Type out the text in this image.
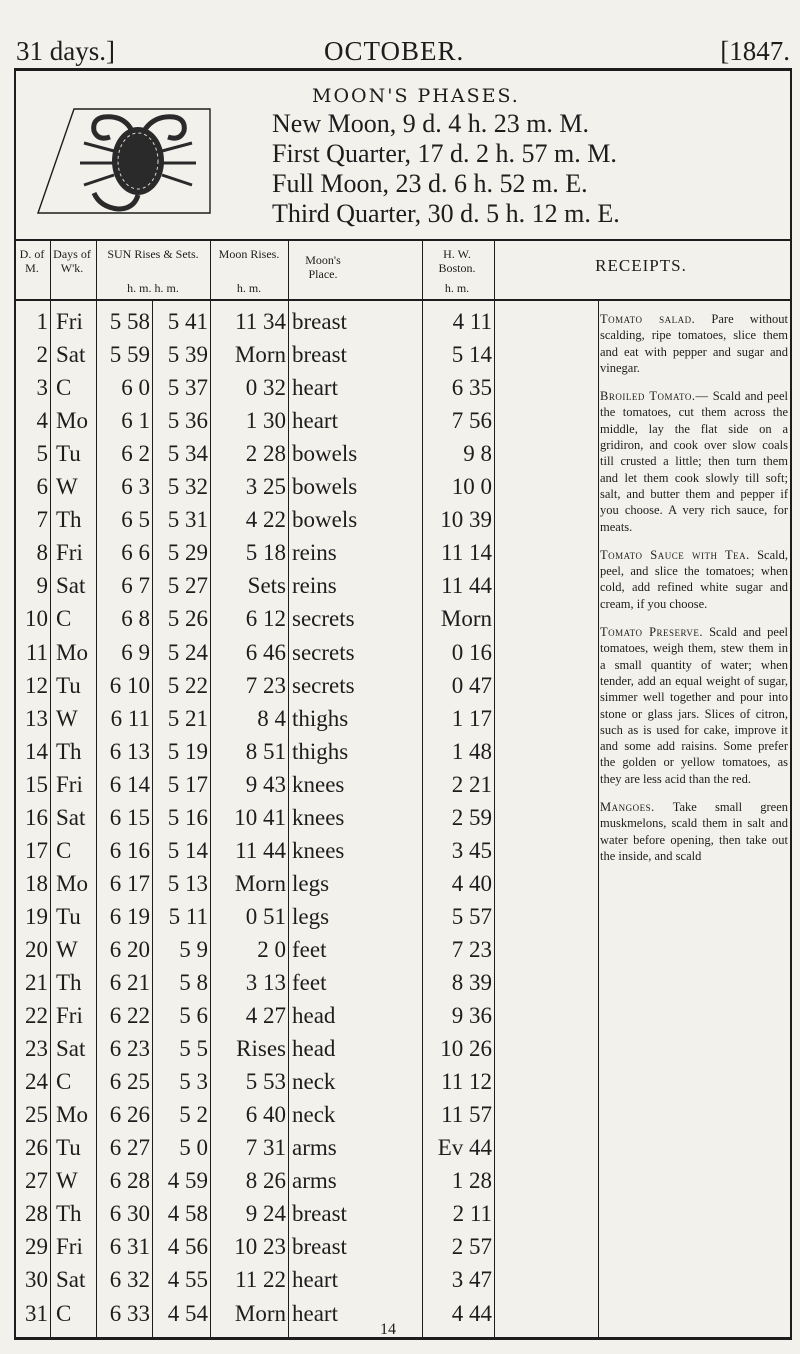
31 days.]	OCTOBER.	[1847.
MOON'S PHASES.
New Moon, 9 d. 4 h. 23 m. M.
First Quarter, 17 d. 2 h. 57 m. M.
Full Moon, 23 d. 6 h. 52 m. E.
Third Quarter, 30 d. 5 h. 12 m. E.
D. of M.
Days of W'k.
SUN Rises & Sets.
h. m. h. m.
Moon Rises.
h. m.
Moon's Place.
H. W. Boston.
h. m.
RECEIPTS.

Tomato salad. Pare without scalding, ripe tomatoes, slice them and eat with pepper and sugar and vinegar.

Broiled Tomato.— Scald and peel the tomatoes, cut them across the middle, lay the flat side on a gridiron, and cook over slow coals till crusted a little; then turn them and let them cook slowly till soft; salt, and butter them and pepper if you choose. A very rich sauce, for meats.

Tomato Sauce with Tea. Scald, peel, and slice the tomatoes; when cold, add refined white sugar and cream, if you choose.

Tomato Preserve. Scald and peel tomatoes, weigh them, stew them in a small quantity of water; when tender, add an equal weight of sugar, simmer well together and pour into stone or glass jars. Slices of citron, such as is used for cake, improve it and some add raisins. Some prefer the golden or yellow tomatoes, as they are less acid than the red.

Mangoes. Take small green muskmelons, scald them in salt and water before opening, then take out the inside, and scald

1 Fri	5 58 5 41	11 34 breast	4 11
2 Sat	5 59 5 39	Morn breast	5 14
3 C	6 0 5 37	0 32 heart	6 35
4 Mo	6 1 5 36	1 30 heart	7 56
5 Tu	6 2 5 34	2 28 bowels	9 8
6 W	6 3 5 32	3 25 bowels	10 0
7 Th	6 5 5 31	4 22 bowels	10 39
8 Fri	6 6 5 29	5 18 reins	11 14
9 Sat	6 7 5 27	Sets reins	11 44
10 C	6 8 5 26	6 12 secrets	Morn
11 Mo	6 9 5 24	6 46 secrets	0 16
12 Tu	6 10 5 22	7 23 secrets	0 47
13 W	6 11 5 21	8 4 thighs	1 17
14 Th	6 13 5 19	8 51 thighs	1 48
15 Fri	6 14 5 17	9 43 knees	2 21
16 Sat	6 15 5 16	10 41 knees	2 59
17 C	6 16 5 14	11 44 knees	3 45
18 Mo 6 17 5 13	Morn legs	4 40
19 Tu	6 19 5 11	0 51 legs	5 57
20 W	6 20	5 9	2 0 feet	7 23
21 Th	6 21	5 8	3 13 feet	8 39
22 Fri	6 22	5 6	4 27 head	9 36
23 Sat	6 23	5 5	Rises head	10 26
24 C	6 25	5 3	5 53 neck	11 12
25 Mo 6 26	5 2	6 40 neck	11 57
26 Tu	6 27	5 0	7 31 arms	Ev 44
27 W	6 28 4 59	8 26 arms	1 28
28 Th	6 30 4 58	9 24 breast	2 11
29 Fri	6 31 4 56	10 23 breast	2 57
30 Sat	6 32 4 55	11 22 heart	3 47
31 C	6 33 4 54	Morn heart	4 44
14
